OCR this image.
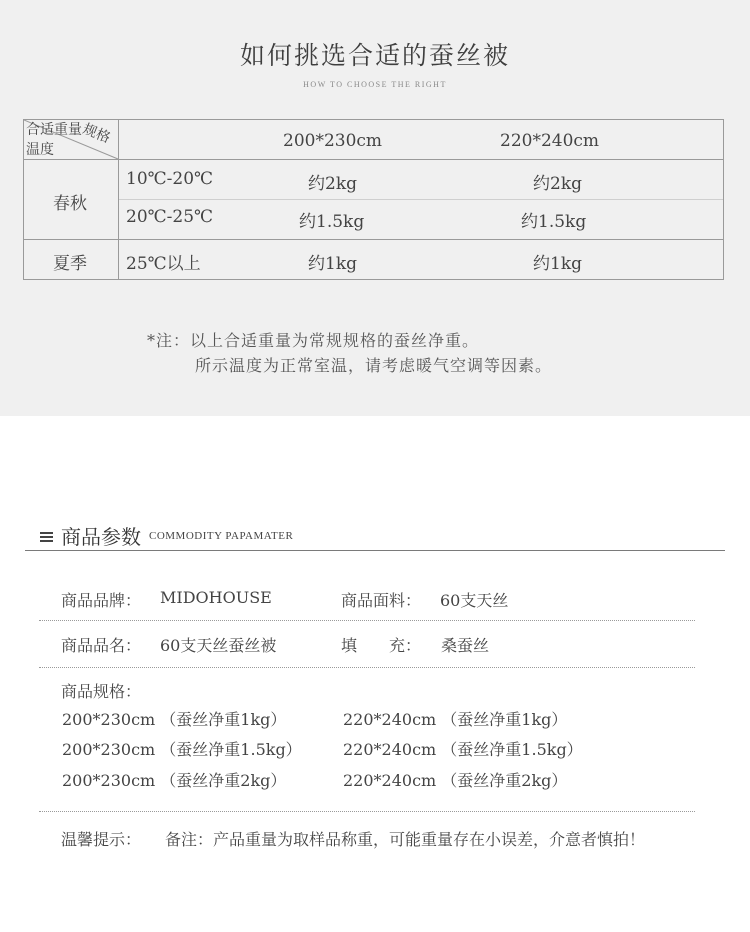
如何挑选合适的蚕丝被
HOW TO CHOOSE THE RIGHT
合适重量
规格
温度	200*230cm	220*240cm
春秋
10℃-20℃	约2kg	约2kg
20℃-25℃	约1.5kg	约1.5kg
夏季 25℃以上	约1kg	约1kg
*注：以上合适重量为常规规格的蚕丝净重。
所示温度为正常室温，请考虑暖气空调等因素。
商品参数 COMMODITY PAPAMATER
商品品牌： MIDOHOUSE	商品面料： 60支天丝
商品品名： 60支天丝蚕丝被	填　　充： 桑蚕丝
商品规格：
200*230cm （蚕丝净重1kg）	220*240cm （蚕丝净重1kg）
200*230cm （蚕丝净重1.5kg）	220*240cm （蚕丝净重1.5kg）
200*230cm （蚕丝净重2kg）	220*240cm （蚕丝净重2kg）
温馨提示： 备注：产品重量为取样品称重，可能重量存在小误差，介意者慎拍！
